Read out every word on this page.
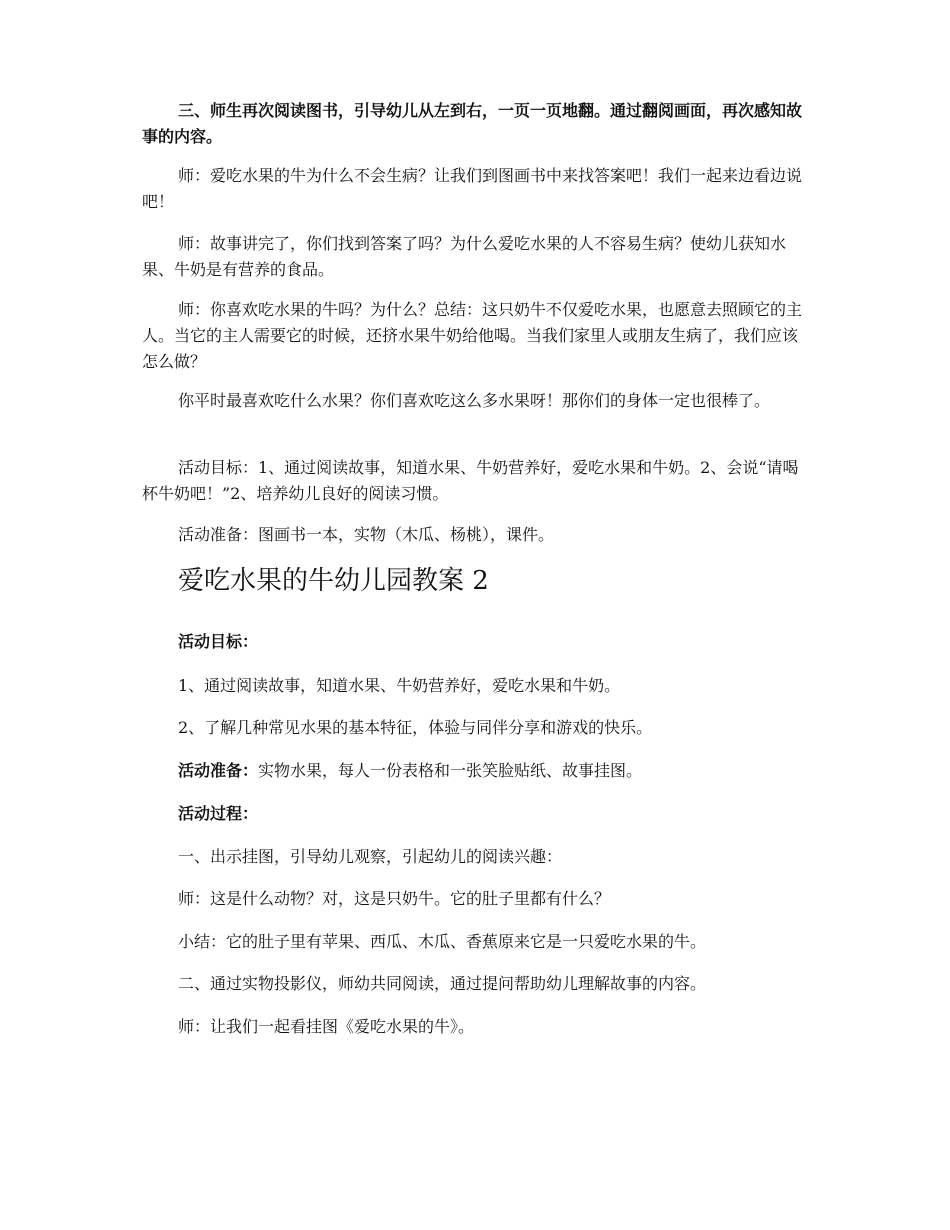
三、师生再次阅读图书，引导幼儿从左到右，一页一页地翻。通过翻阅画面，再次感知故事的内容。

师：爱吃水果的牛为什么不会生病？让我们到图画书中来找答案吧！我们一起来边看边说吧！

师：故事讲完了，你们找到答案了吗？为什么爱吃水果的人不容易生病？使幼儿获知水果、牛奶是有营养的食品。

师：你喜欢吃水果的牛吗？为什么？总结：这只奶牛不仅爱吃水果，也愿意去照顾它的主人。当它的主人需要它的时候，还挤水果牛奶给他喝。当我们家里人或朋友生病了，我们应该怎么做？

你平时最喜欢吃什么水果？你们喜欢吃这么多水果呀！那你们的身体一定也很棒了。

活动目标：1、通过阅读故事，知道水果、牛奶营养好，爱吃水果和牛奶。2、会说“请喝杯牛奶吧！”2、培养幼儿良好的阅读习惯。

活动准备：图画书一本，实物（木瓜、杨桃），课件。

爱吃水果的牛幼儿园教案 2

活动目标：

1、通过阅读故事，知道水果、牛奶营养好，爱吃水果和牛奶。

2、了解几种常见水果的基本特征，体验与同伴分享和游戏的快乐。

活动准备：实物水果，每人一份表格和一张笑脸贴纸、故事挂图。

活动过程：

一、出示挂图，引导幼儿观察，引起幼儿的阅读兴趣：

师：这是什么动物？对，这是只奶牛。它的肚子里都有什么？

小结：它的肚子里有苹果、西瓜、木瓜、香蕉原来它是一只爱吃水果的牛。

二、通过实物投影仪，师幼共同阅读，通过提问帮助幼儿理解故事的内容。

师：让我们一起看挂图《爱吃水果的牛》。
